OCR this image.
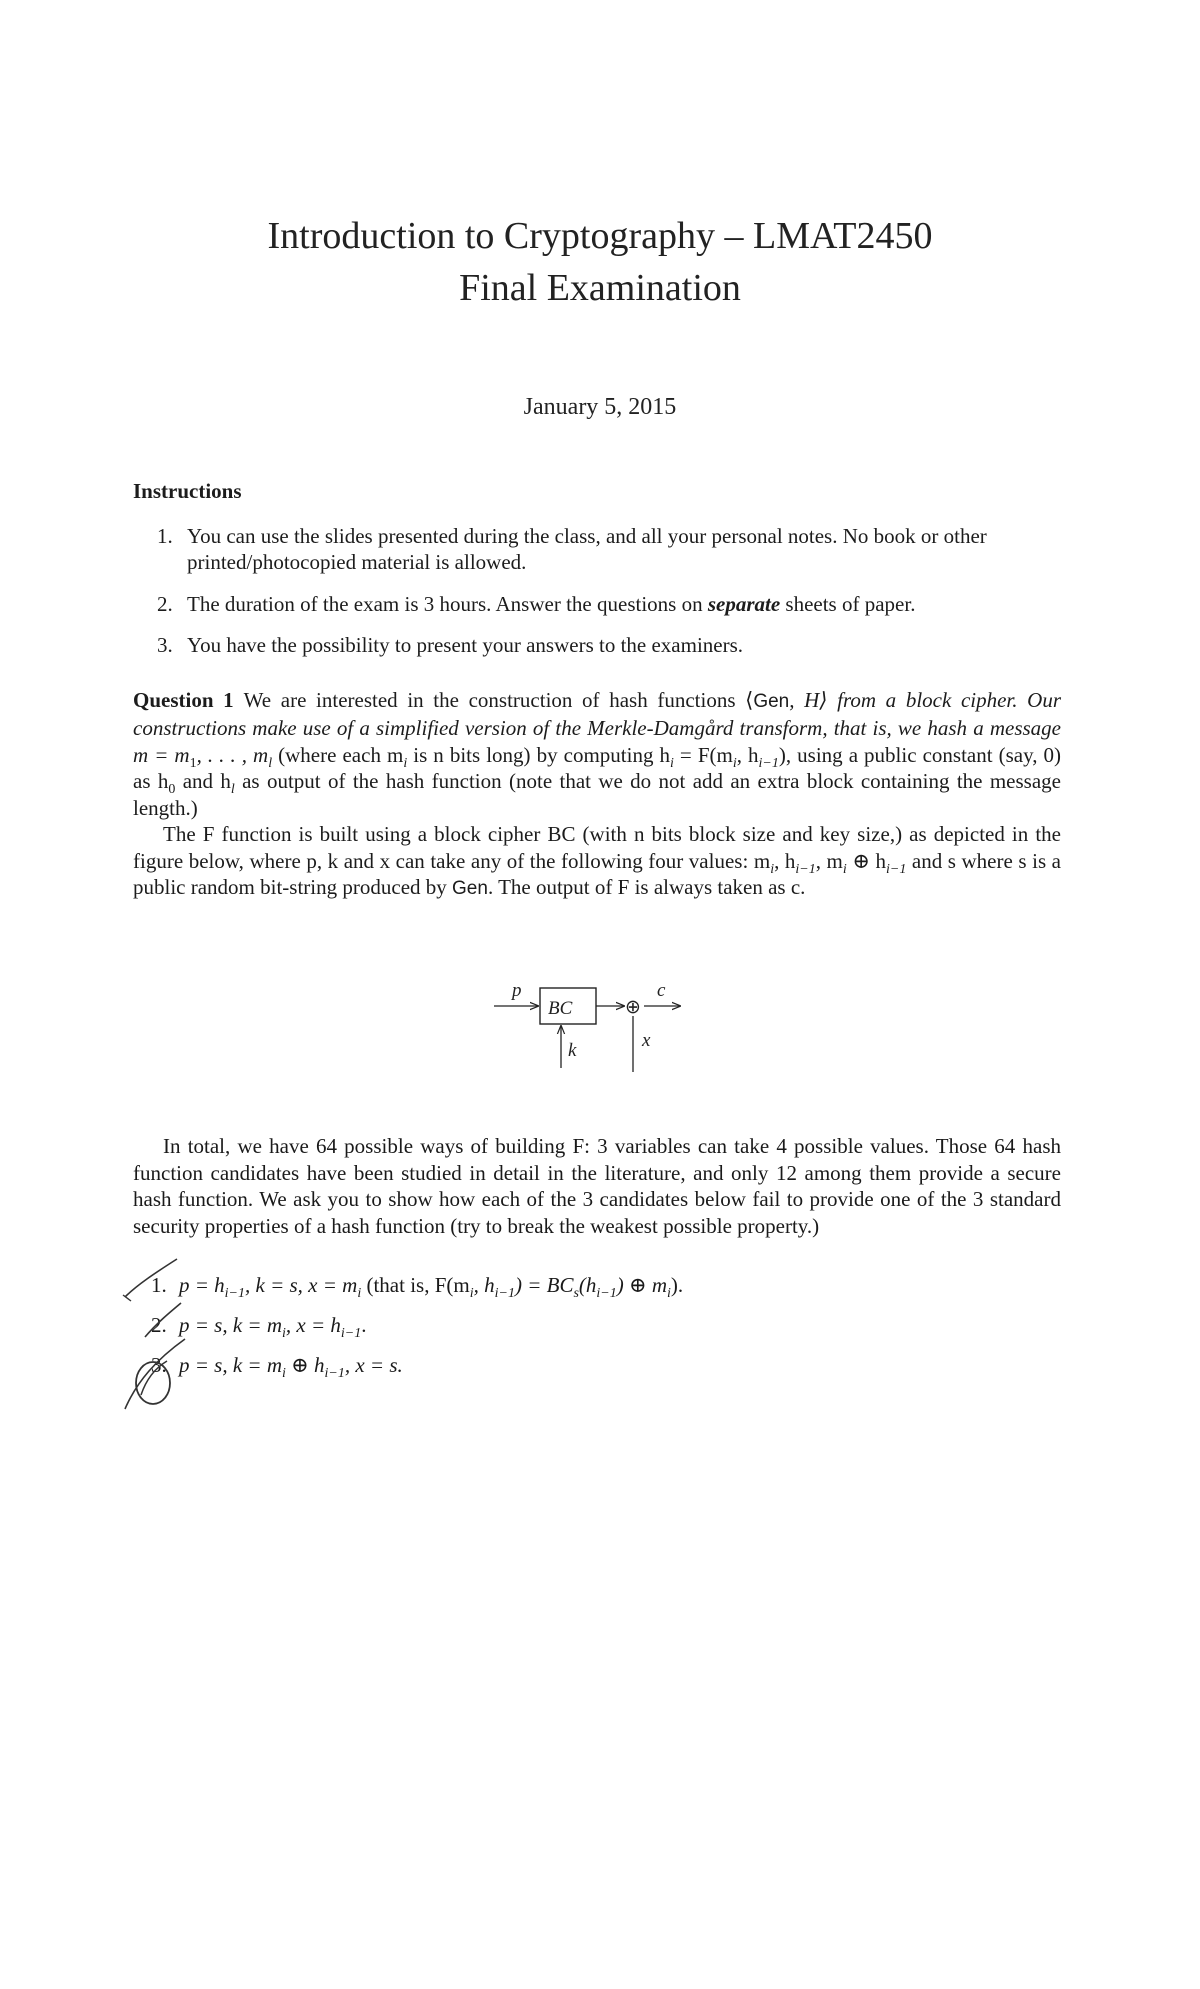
Introduction to Cryptography – LMAT2450
Final Examination
January 5, 2015
Instructions
1. You can use the slides presented during the class, and all your personal notes. No book or other printed/photocopied material is allowed.
2. The duration of the exam is 3 hours. Answer the questions on separate sheets of paper.
3. You have the possibility to present your answers to the examiners.

Question 1 We are interested in the construction of hash functions ⟨Gen, H⟩ from a block cipher. Our constructions make use of a simplified version of the Merkle-Damgård transform, that is, we hash a message $m = m_1$, . . . , $m_l$ (where each $m_i$ is n bits long) by computing $h_i = F(m_i$, $h_{i-1}$), using a public constant (say, 0) as $h_0$ and $h_l$ as output of the hash function (note that we do not add an extra block containing the message length.)

The F function is built using a block cipher BC (with n bits block size and key size,) as depicted in the figure below, where p, k and x can take any of the following four values: $m_i$, $h_{i-1}$, $m_i$ ⊕ $h_{i-1}$ and s where s is a public random bit-string produced by Gen. The output of F is always taken as c.

p
BC
k
⊕
c
x

In total, we have 64 possible ways of building F: 3 variables can take 4 possible values. Those 64 hash function candidates have been studied in detail in the literature, and only 12 among them provide a secure hash function. We ask you to show how each of the 3 candidates below fail to provide one of the 3 standard security properties of a hash function (try to break the weakest possible property.)

1. $p = h_{i-1}$, k = s, $x = m_i$ (that is, $F(m_i$, $h_{i-1}) = BC_s(h_{i-1})$ ⊕ $m_i$).
2. p = s, $k = m_i$, $x = h_{i-1}$.
3. p = s, $k = m_i$ ⊕ $h_{i-1}$, x = s.
